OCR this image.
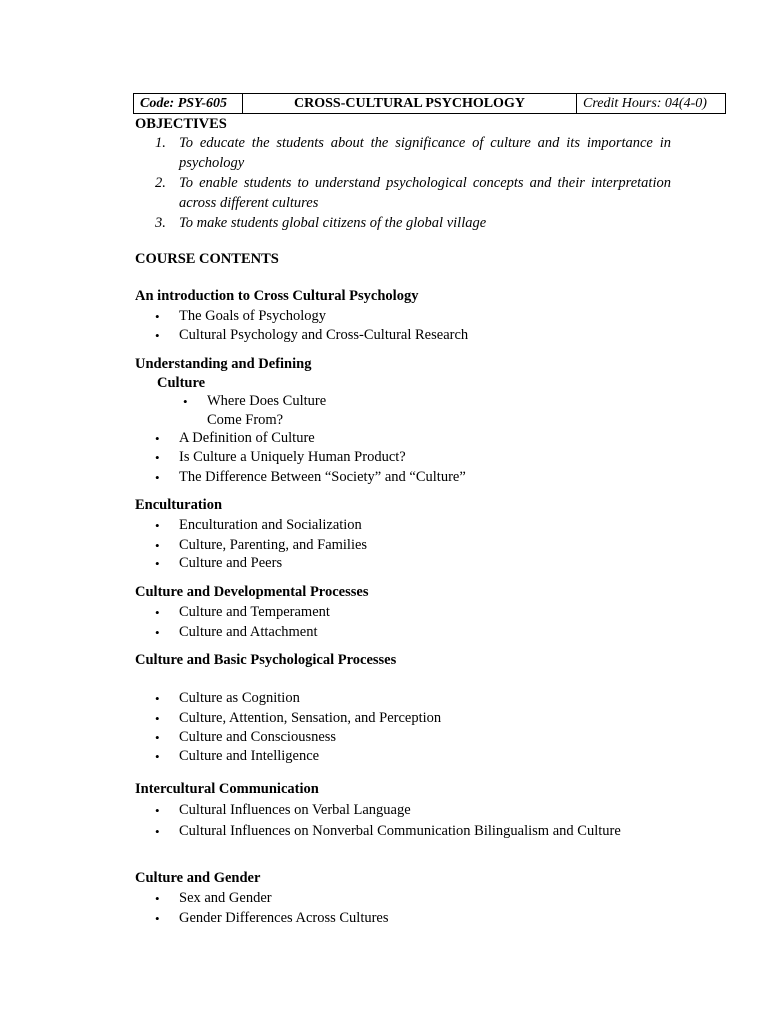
Code: PSY-605	CROSS-CULTURAL PSYCHOLOGY	Credit Hours: 04(4-0)
OBJECTIVES
1. To educate the students about the significance of culture and its importance in psychology
2. To enable students to understand psychological concepts and their interpretation across different cultures
3. To make students global citizens of the global village
COURSE CONTENTS
An introduction to Cross Cultural Psychology
• The Goals of Psychology
• Cultural Psychology and Cross-Cultural Research
Understanding and Defining
Culture
• Where Does Culture
Come From?
• A Definition of Culture
• Is Culture a Uniquely Human Product?
• The Difference Between “Society” and “Culture”
Enculturation
• Enculturation and Socialization
• Culture, Parenting, and Families
• Culture and Peers
Culture and Developmental Processes
• Culture and Temperament
• Culture and Attachment
Culture and Basic Psychological Processes
• Culture as Cognition
• Culture, Attention, Sensation, and Perception
• Culture and Consciousness
• Culture and Intelligence
Intercultural Communication
• Cultural Influences on Verbal Language
• Cultural Influences on Nonverbal Communication Bilingualism and Culture
Culture and Gender
• Sex and Gender
• Gender Differences Across Cultures
